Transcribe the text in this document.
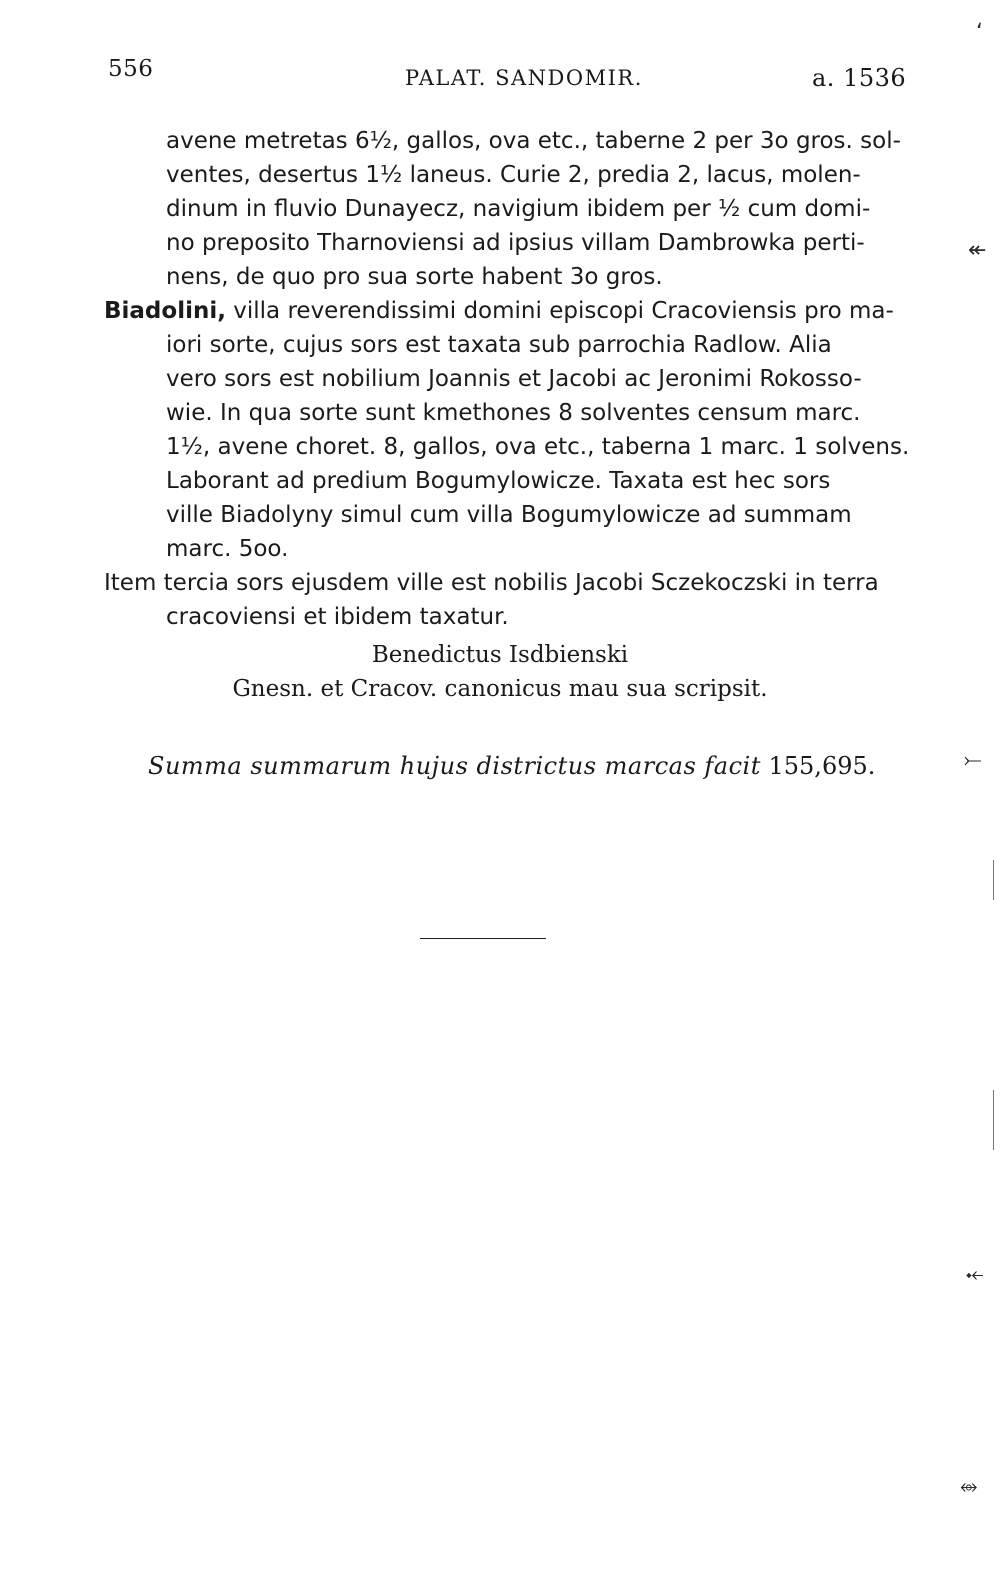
556	PALAT. SANDOMIR.	a. 1536
avene metretas 6½, gallos, ova etc., taberne 2 per 3o gros. sol-
ventes, desertus 1½ laneus. Curie 2, predia 2, lacus, molen-
dinum in fluvio Dunayecz, navigium ibidem per ½ cum domi-
no preposito Tharnoviensi ad ipsius villam Dambrowka perti-
nens, de quo pro sua sorte habent 3o gros.
Biadolini, villa reverendissimi domini episcopi Cracoviensis pro ma-
iori sorte, cujus sors est taxata sub parrochia Radlow. Alia
vero sors est nobilium Joannis et Jacobi ac Jeronimi Rokosso-
wie. In qua sorte sunt kmethones 8 solventes censum marc.
1½, avene choret. 8, gallos, ova etc., taberna 1 marc. 1 solvens.
Laborant ad predium Bogumylowicze. Taxata est hec sors
ville Biadolyny simul cum villa Bogumylowicze ad summam
marc. 5oo.
Item tercia sors ejusdem ville est nobilis Jacobi Sczekoczski in terra
cracoviensi et ibidem taxatur.
Benedictus Isdbienski
Gnesn. et Cracov. canonicus mau sua scripsit.
Summa summarum hujus districtus marcas facit 155,695.
ʻ
↞
⤚
⤝
⥈
